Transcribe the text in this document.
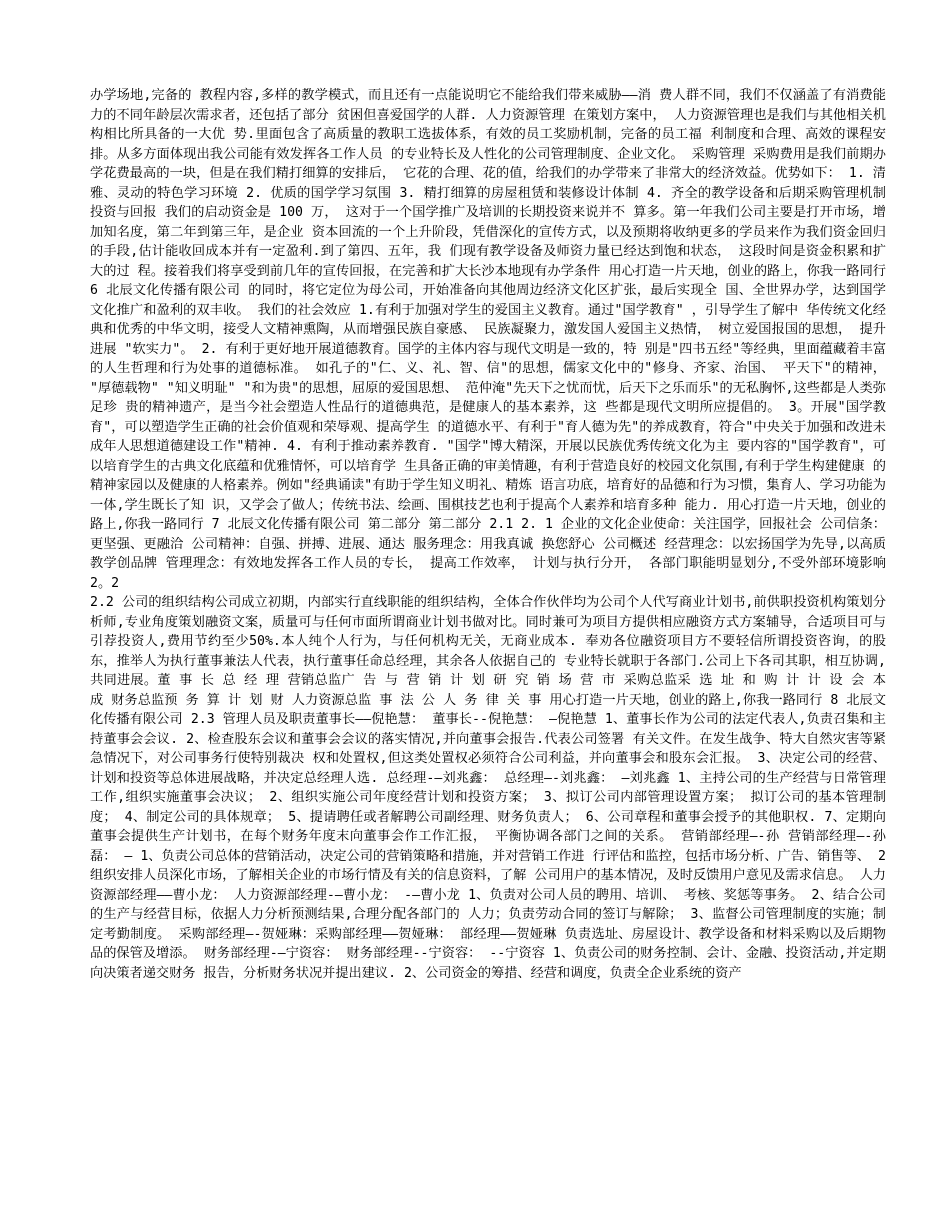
办学场地,完备的 教程内容,多样的教学模式，而且还有一点能说明它不能给我们带来威胁——消 费人群不同，我们不仅涵盖了有消费能力的不同年龄层次需求者，还包括了部分 贫困但喜爱国学的人群. 人力资源管理 在策划方案中， 人力资源管理也是我们与其他相关机构相比所具备的一大优 势.里面包含了高质量的教职工选拔体系，有效的员工奖励机制，完备的员工福 利制度和合理、高效的课程安排。从多方面体现出我公司能有效发挥各工作人员 的专业特长及人性化的公司管理制度、企业文化。 采购管理 采购费用是我们前期办学花费最高的一块，但是在我们精打细算的安排后， 它花的合理、花的值，给我们的办学带来了非常大的经济效益。优势如下： 1. 清雅、灵动的特色学习环境 2. 优质的国学学习氛围 3. 精打细算的房屋租赁和装修设计体制 4. 齐全的教学设备和后期采购管理机制 投资与回报 我们的启动资金是 100 万， 这对于一个国学推广及培训的长期投资来说并不 算多。第一年我们公司主要是打开市场，增加知名度，第二年到第三年，是企业 资本回流的一个上升阶段，凭借深化的宣传方式，以及预期将收纳更多的学员来作为我们资金回归的手段,估计能收回成本并有一定盈利.到了第四、五年，我 们现有教学设备及师资力量已经达到饱和状态， 这段时间是资金积累和扩大的过 程。接着我们将享受到前几年的宣传回报，在完善和扩大长沙本地现有办学条件 用心打造一片天地，创业的路上，你我一路同行 6 北辰文化传播有限公司 的同时，将它定位为母公司，开始准备向其他周边经济文化区扩张，最后实现全 国、全世界办学，达到国学文化推广和盈利的双丰收。 我们的社会效应 1.有利于加强对学生的爱国主义教育。通过"国学教育" ，引导学生了解中 华传统文化经典和优秀的中华文明，接受人文精神熏陶，从而增强民族自豪感、 民族凝聚力，激发国人爱国主义热情， 树立爱国报国的思想， 提升进展 "软实力"。 2. 有利于更好地开展道德教育。国学的主体内容与现代文明是一致的，特 别是"四书五经"等经典，里面蕴藏着丰富的人生哲理和行为处事的道德标准。 如孔子的"仁、义、礼、智、信"的思想，儒家文化中的"修身、齐家、治国、 平天下"的精神， "厚德载物" "知义明耻" "和为贵"的思想，屈原的爱国思想、 范仲淹"先天下之忧而忧，后天下之乐而乐"的无私胸怀,这些都是人类弥足珍 贵的精神遗产，是当今社会塑造人性品行的道德典范，是健康人的基本素养，这 些都是现代文明所应提倡的。 3。开展"国学教育"，可以塑造学生正确的社会价值观和荣辱观、提高学生 的道德水平、有利于"育人德为先"的养成教育，符合"中央关于加强和改进未 成年人思想道德建设工作"精神. 4. 有利于推动素养教育. "国学"博大精深，开展以民族优秀传统文化为主 要内容的"国学教育"，可以培育学生的古典文化底蕴和优雅情怀，可以培育学 生具备正确的审美情趣，有利于营造良好的校园文化氛围,有利于学生构建健康 的精神家园以及健康的人格素养。例如"经典诵读"有助于学生知义明礼、精炼 语言功底，培育好的品德和行为习惯，集育人、学习功能为一体,学生既长了知 识，又学会了做人；传统书法、绘画、围棋技艺也利于提高个人素养和培育多种 能力. 用心打造一片天地，创业的路上,你我一路同行 7 北辰文化传播有限公司 第二部分 第二部分 2.1 2. 1 企业的文化企业使命：关注国学，回报社会 公司信条：更坚强、更融洽 公司精神：自强、拼搏、进展、通达 服务理念：用我真诚 换您舒心 公司概述 经营理念：以宏扬国学为先导,以高质教学创品牌 管理理念：有效地发挥各工作人员的专长， 提高工作效率， 计划与执行分开， 各部门职能明显划分,不受外部环境影响 2。2

2.2 公司的组织结构公司成立初期，内部实行直线职能的组织结构，全体合作伙伴均为公司个人代写商业计划书,前供职投资机构策划分析师,专业角度策划融资文案，质量可与任何市面所谓商业计划书做对比。同时兼可为项目方提供相应融资方式方案辅导，合适项目可与引荐投资人,费用节约至少50%.本人纯个人行为，与任何机构无关，无商业成本. 奉劝各位融资项目方不要轻信所谓投资咨询，的股 东，推举人为执行董事兼法人代表，执行董事任命总经理，其余各人依据自己的 专业特长就职于各部门.公司上下各司其职，相互协调,共同进展。董 事 长 总 经 理 营销总监广 告 与 营 销 计 划 研 究 销 场 营 市 采购总监采 选 址 和 购 计 计 设 会 本 成 财务总监预 务 算 计 划 财 人力资源总监 事 法 公 人 务 律 关 事 用心打造一片天地，创业的路上,你我一路同行 8 北辰文化传播有限公司 2.3 管理人员及职责董事长——倪艳慧： 董事长--倪艳慧： —倪艳慧 1、董事长作为公司的法定代表人,负责召集和主持董事会会议. 2、检查股东会议和董事会会议的落实情况,并向董事会报告.代表公司签署 有关文件。在发生战争、特大自然灾害等紧急情况下，对公司事务行使特别裁决 权和处置权,但这类处置权必须符合公司利益，并向董事会和股东会汇报。 3、决定公司的经营、计划和投资等总体进展战略，并决定总经理人选. 总经理-—刘兆鑫： 总经理—-刘兆鑫： —刘兆鑫 1、主持公司的生产经营与日常管理工作,组织实施董事会决议； 2、组织实施公司年度经营计划和投资方案； 3、拟订公司内部管理设置方案； 拟订公司的基本管理制度； 4、制定公司的具体规章； 5、提请聘任或者解聘公司副经理、财务负责人； 6、公司章程和董事会授予的其他职权. 7、定期向董事会提供生产计划书，在每个财务年度末向董事会作工作汇报， 平衡协调各部门之间的关系。 营销部经理—-孙 营销部经理—-孙 磊： — 1、负责公司总体的营销活动，决定公司的营销策略和措施，并对营销工作进 行评估和监控，包括市场分析、广告、销售等、 2 组织安排人员深化市场，了解相关企业的市场行情及有关的信息资料，了解 公司用户的基本情况，及时反馈用户意见及需求信息。 人力资源部经理——曹小龙： 人力资源部经理-—曹小龙： -—曹小龙 1、负责对公司人员的聘用、培训、 考核、奖惩等事务。 2、结合公司的生产与经营目标，依据人力分析预测结果,合理分配各部门的 人力；负责劳动合同的签订与解除； 3、监督公司管理制度的实施；制定考勤制度。 采购部经理—-贺娅琳：采购部经理——贺娅琳： 部经理——贺娅琳 负责选址、房屋设计、教学设备和材料采购以及后期物品的保管及增添。 财务部经理-—宁资容： 财务部经理--宁资容： --宁资容 1、负责公司的财务控制、会计、金融、投资活动,并定期向决策者递交财务 报告，分析财务状况并提出建议. 2、公司资金的筹措、经营和调度，负责全企业系统的资产
